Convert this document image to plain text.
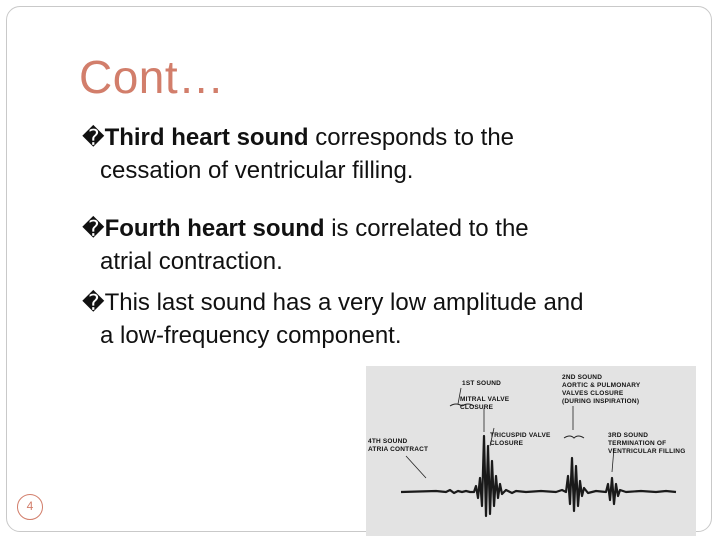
Cont…
�Third heart sound corresponds to the
cessation of ventricular filling.
�Fourth heart sound is correlated to the
atrial contraction.
�This last sound has a very low amplitude and
a low-frequency component.
1ST SOUND
MITRAL VALVE
CLOSURE
2ND SOUND
AORTIC & PULMONARY
VALVES CLOSURE
(DURING INSPIRATION)
TRICUSPID VALVE
CLOSURE
3RD SOUND
TERMINATION OF
VENTRICULAR FILLING
4TH SOUND
ATRIA CONTRACT
4
